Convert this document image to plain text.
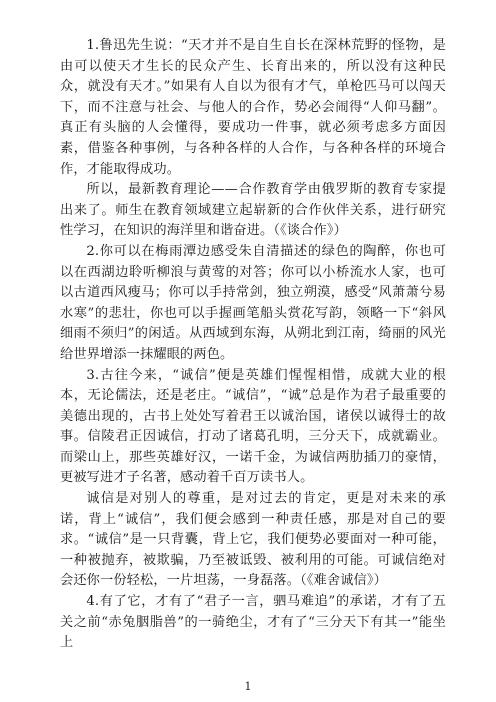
1.鲁迅先生说：“天才并不是自生自长在深林荒野的怪物，是由可以使天才生长的民众产生、长育出来的，所以没有这种民众，就没有天才。”如果有人自以为很有才气，单枪匹马可以闯天下，而不注意与社会、与他人的合作，势必会闹得“人仰马翻”。真正有头脑的人会懂得，要成功一件事，就必须考虑多方面因素，借鉴各种事例，与各种各样的人合作，与各种各样的环境合作，才能取得成功。

所以，最新教育理论——合作教育学由俄罗斯的教育专家提出来了。师生在教育领域建立起崭新的合作伙伴关系，进行研究性学习，在知识的海洋里和谐奋进。（《谈合作》）

2.你可以在梅雨潭边感受朱自清描述的绿色的陶醉，你也可以在西湖边聆听柳浪与黄莺的对答；你可以小桥流水人家，也可以古道西风瘦马；你可以手持常剑，独立朔漠，感受“风萧萧兮易水寒”的悲壮，你也可以手握画笔船头赏花写韵，领略一下“斜风细雨不须归”的闲适。从西域到东海，从朔北到江南，绮丽的风光给世界增添一抹耀眼的两色。

3.古往今来，“诚信”便是英雄们惺惺相惜，成就大业的根本，无论儒法，还是老庄。“诚信”，“诚”总是作为君子最重要的美德出现的，古书上处处写着君王以诚治国，诸侯以诚得士的故事。信陵君正因诚信，打动了诸葛孔明，三分天下，成就霸业。而梁山上，那些英雄好汉，一诺千金，为诚信两肋插刀的豪情，更被写进才子名著，感动着千百万读书人。

诚信是对别人的尊重，是对过去的肯定，更是对未来的承诺，背上“诚信”，我们便会感到一种责任感，那是对自己的要求。“诚信”是一只背囊，背上它，我们便势必要面对一种可能，一种被抛弃，被欺骗，乃至被诋毁、被利用的可能。可诚信绝对会还你一份轻松，一片坦荡，一身磊落。（《难舍诚信》）

4.有了它，才有了“君子一言，驷马难追”的承诺，才有了五关之前“赤兔胭脂兽”的一骑绝尘，才有了“三分天下有其一”能坐上

1
